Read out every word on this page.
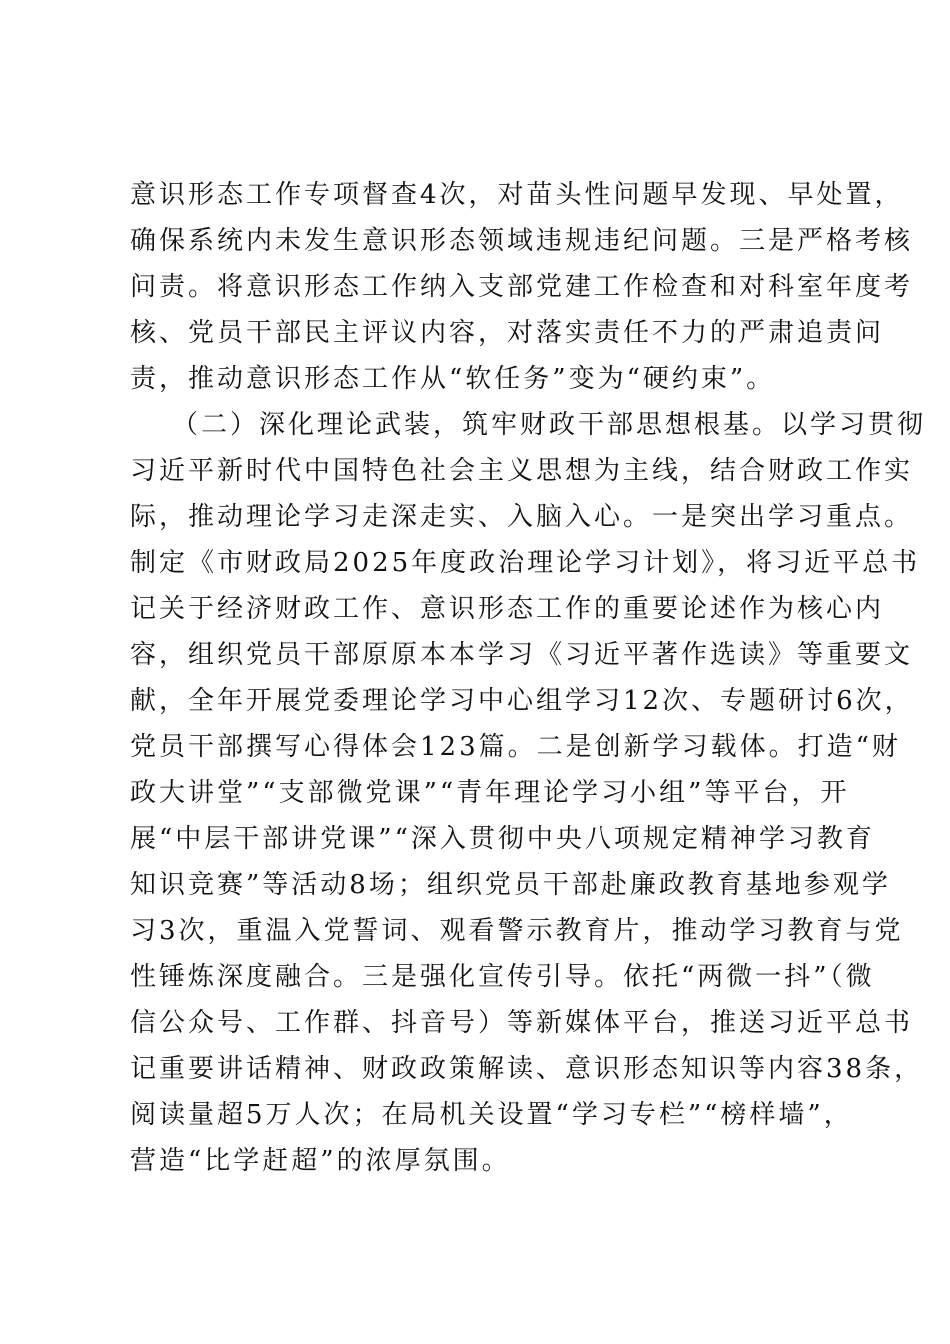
意识形态工作专项督查4次，对苗头性问题早发现、早处置，
确保系统内未发生意识形态领域违规违纪问题。三是严格考核
问责。将意识形态工作纳入支部党建工作检查和对科室年度考
核、党员干部民主评议内容，对落实责任不力的严肃追责问
责，推动意识形态工作从“软任务”变为“硬约束”。
（二）深化理论武装，筑牢财政干部思想根基。以学习贯彻
习近平新时代中国特色社会主义思想为主线，结合财政工作实
际，推动理论学习走深走实、入脑入心。一是突出学习重点。
制定《市财政局2025年度政治理论学习计划》，将习近平总书
记关于经济财政工作、意识形态工作的重要论述作为核心内
容，组织党员干部原原本本学习《习近平著作选读》等重要文
献，全年开展党委理论学习中心组学习12次、专题研讨6次，
党员干部撰写心得体会123篇。二是创新学习载体。打造“财
政大讲堂”“支部微党课”“青年理论学习小组”等平台，开
展“中层干部讲党课”“深入贯彻中央八项规定精神学习教育
知识竞赛”等活动8场；组织党员干部赴廉政教育基地参观学
习3次，重温入党誓词、观看警示教育片，推动学习教育与党
性锤炼深度融合。三是强化宣传引导。依托“两微一抖”（微
信公众号、工作群、抖音号）等新媒体平台，推送习近平总书
记重要讲话精神、财政政策解读、意识形态知识等内容38条，
阅读量超5万人次；在局机关设置“学习专栏”“榜样墙”，
营造“比学赶超”的浓厚氛围。
